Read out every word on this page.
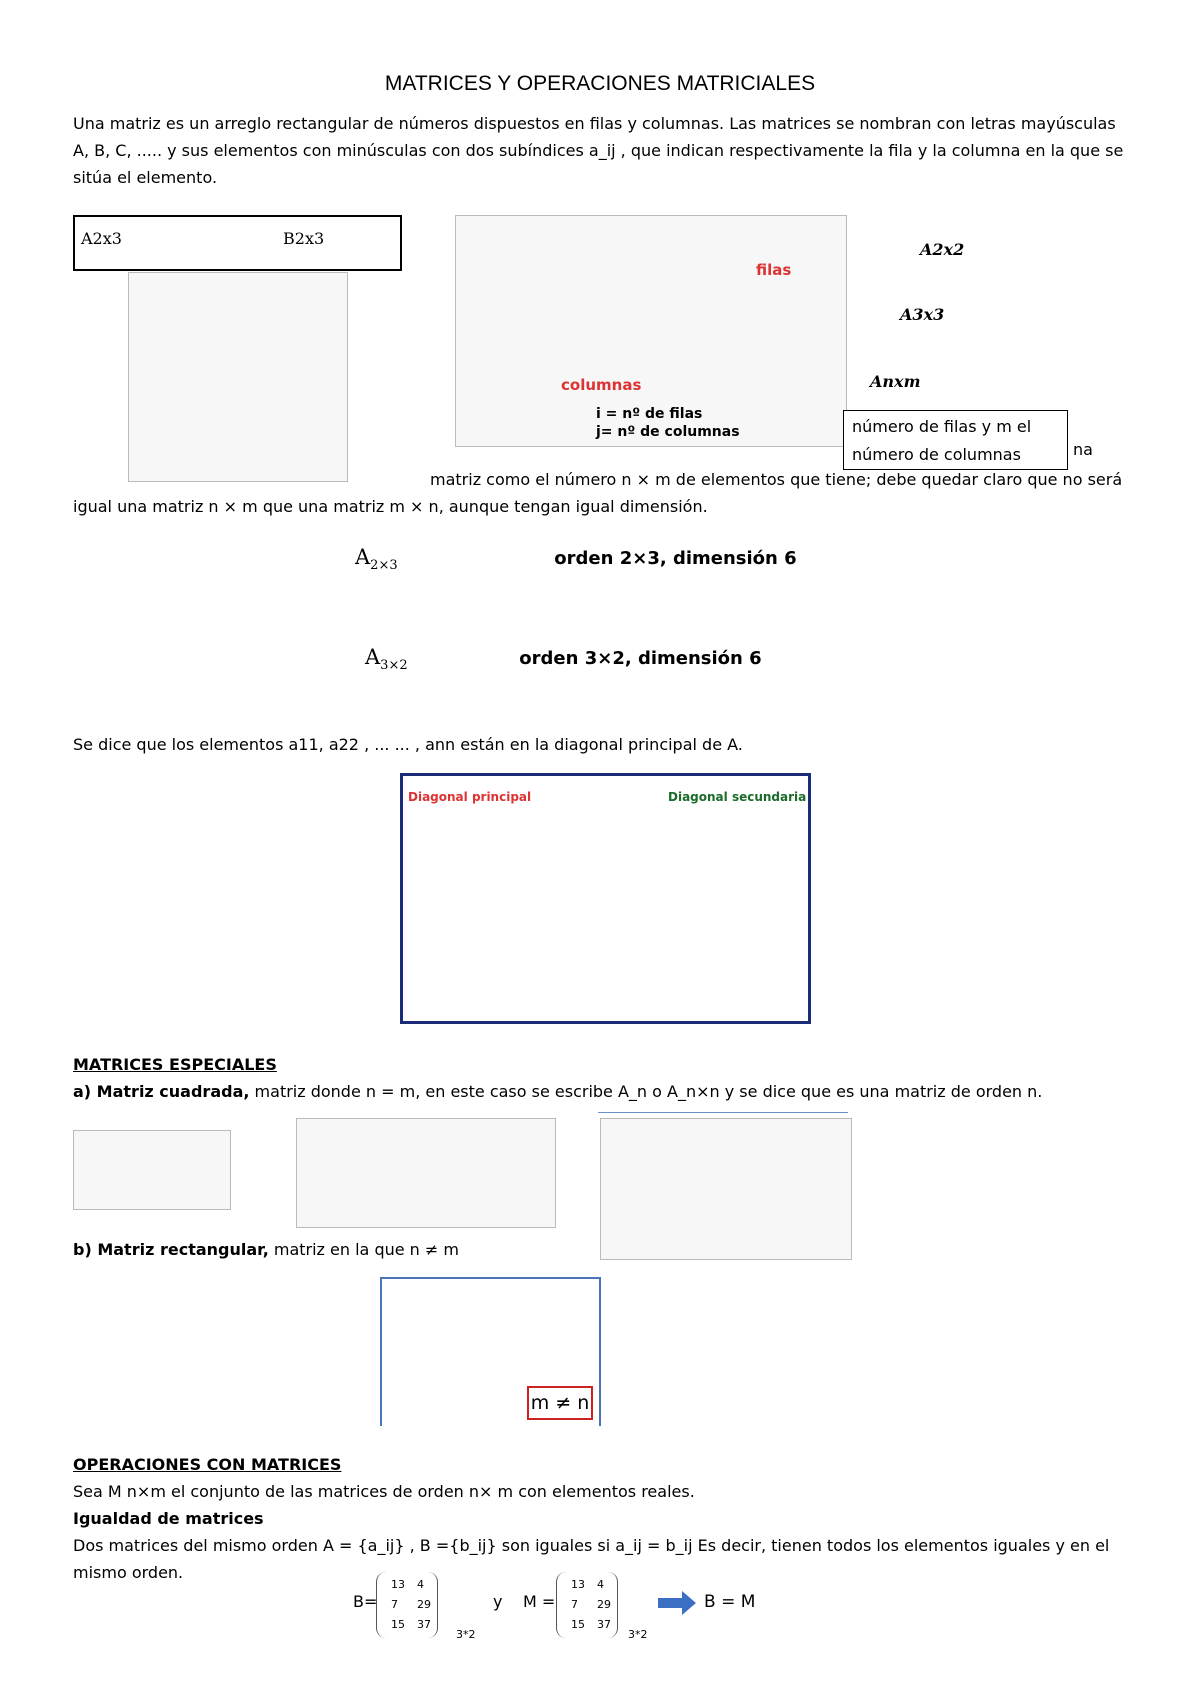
MATRICES Y OPERACIONES MATRICIALES
Una matriz es un arreglo rectangular de números dispuestos en filas y columnas. Las matrices se nombran con letras mayúsculas
A, B, C, ..... y sus elementos con minúsculas con dos subíndices a_ij , que indican respectivamente la fila y la columna en la que se
sitúa el elemento.
A2x3	B2x3
filas
columnas
i = nº de filas
j= nº de columnas
A2x2
A3x3
Anxm
número de filas y m el número de columnas	na
matriz como el número n × m de elementos que tiene; debe quedar claro que no será
igual una matriz n × m que una matriz m × n, aunque tengan igual dimensión.
$A_{2\times 3}$	orden 2×3, dimensión 6
$A_{3\times 2}$	orden 3×2, dimensión 6
Se dice que los elementos a11, a22 , ... ... , ann están en la diagonal principal de A.
Diagonal principal	Diagonal secundaria
MATRICES ESPECIALES
a) Matriz cuadrada, matriz donde n = m, en este caso se escribe A_n o A_n×n y se dice que es una matriz de orden n.
b) Matriz rectangular, matriz en la que n ≠ m
m ≠ n
OPERACIONES CON MATRICES
Sea M n×m el conjunto de las matrices de orden n× m con elementos reales.
Igualdad de matrices
Dos matrices del mismo orden A = {a_ij} , B ={b_ij} son iguales si a_ij = b_ij Es decir, tienen todos los elementos iguales y en el
mismo orden.
B=
13 4
7 29
15 37
3*2
y M =
13 4
7 29
15 37
3*2
B = M
